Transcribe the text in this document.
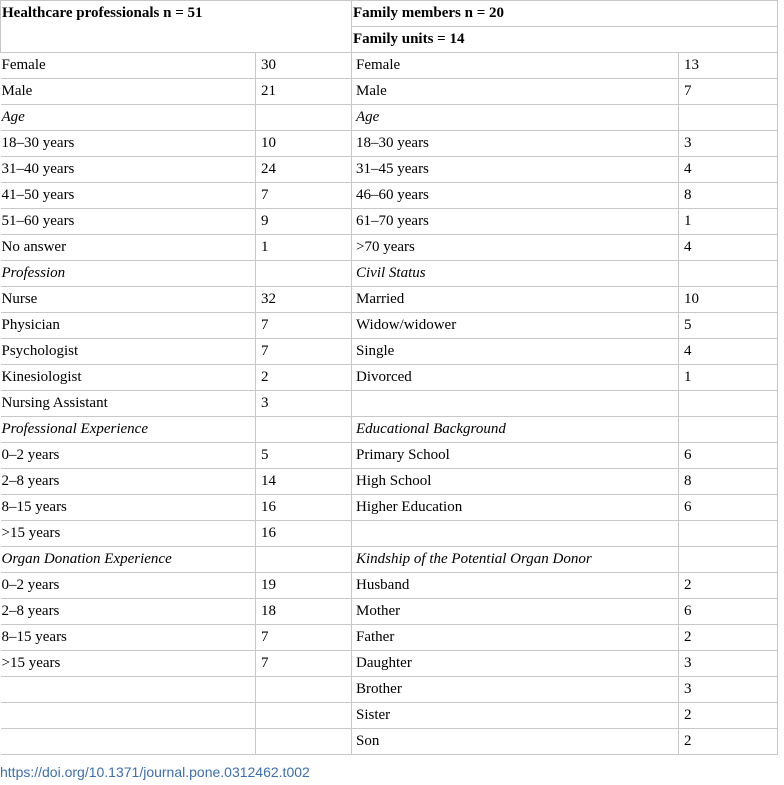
Healthcare professionals n = 51		Family members n = 20	
		Family units = 14	
Female	30	Female	13
Male	21	Male	7
Age		Age	
18–30 years	10	18–30 years	3
31–40 years	24	31–45 years	4
41–50 years	7	46–60 years	8
51–60 years	9	61–70 years	1
No answer	1	>70 years	4
Profession		Civil Status	
Nurse	32	Married	10
Physician	7	Widow/widower	5
Psychologist	7	Single	4
Kinesiologist	2	Divorced	1
Nursing Assistant	3		
Professional Experience		Educational Background	
0–2 years	5	Primary School	6
2–8 years	14	High School	8
8–15 years	16	Higher Education	6
>15 years	16		
Organ Donation Experience		Kindship of the Potential Organ Donor	
0–2 years	19	Husband	2
2–8 years	18	Mother	6
8–15 years	7	Father	2
>15 years	7	Daughter	3
		Brother	3
		Sister	2
		Son	2
https://doi.org/10.1371/journal.pone.0312462.t002
